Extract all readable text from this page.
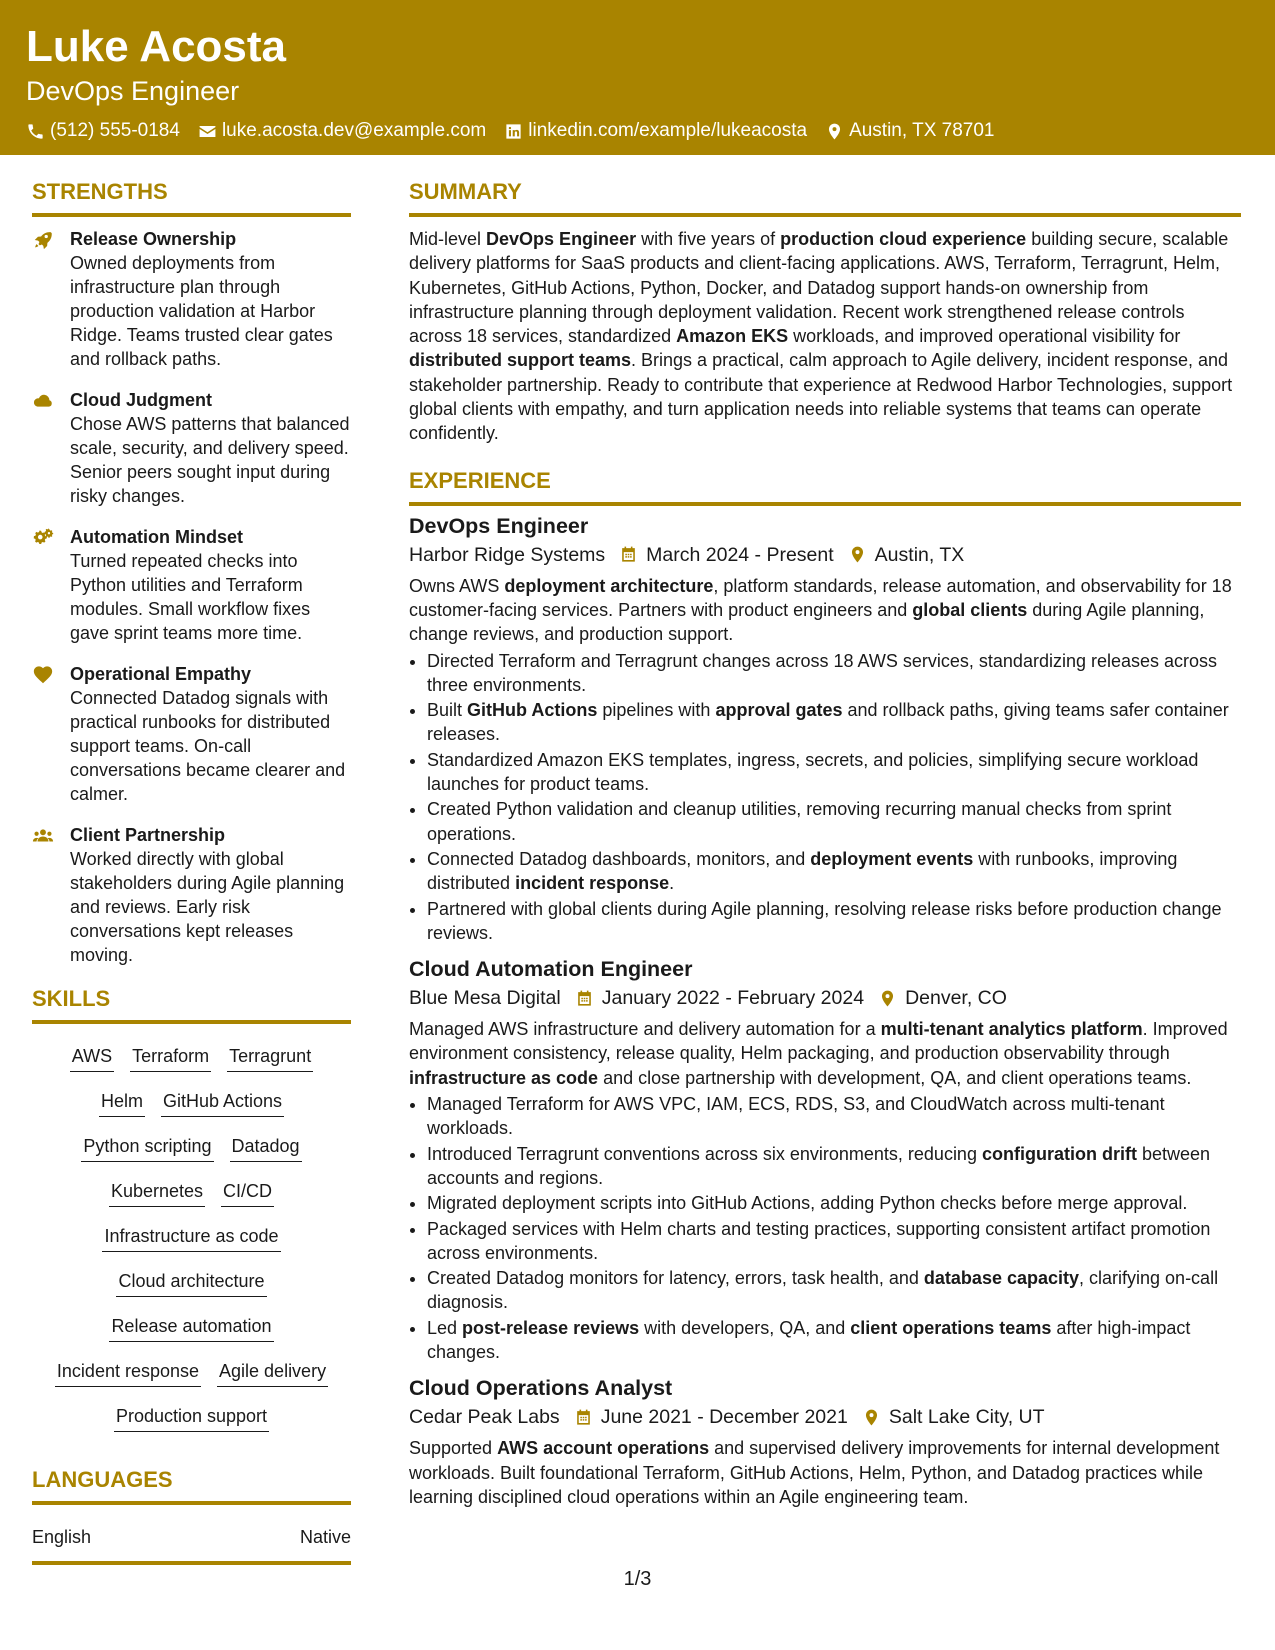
Luke Acosta
DevOps Engineer
(512) 555-0184 luke.acosta.dev@example.com linkedin.com/example/lukeacosta Austin, TX 78701
STRENGTHS
Release Ownership
Owned deployments from infrastructure plan through production validation at Harbor Ridge. Teams trusted clear gates and rollback paths.
Cloud Judgment
Chose AWS patterns that balanced scale, security, and delivery speed. Senior peers sought input during risky changes.
Automation Mindset
Turned repeated checks into Python utilities and Terraform modules. Small workflow fixes gave sprint teams more time.
Operational Empathy
Connected Datadog signals with practical runbooks for distributed support teams. On-call conversations became clearer and calmer.
Client Partnership
Worked directly with global stakeholders during Agile planning and reviews. Early risk conversations kept releases moving.
SKILLS
AWS Terraform Terragrunt
Helm GitHub Actions
Python scripting Datadog
Kubernetes CI/CD
Infrastructure as code
Cloud architecture
Release automation
Incident response Agile delivery
Production support
LANGUAGES
English	Native
SUMMARY
Mid-level DevOps Engineer with five years of production cloud experience building secure, scalable delivery platforms for SaaS products and client-facing applications. AWS, Terraform, Terragrunt, Helm, Kubernetes, GitHub Actions, Python, Docker, and Datadog support hands-on ownership from infrastructure planning through deployment validation. Recent work strengthened release controls across 18 services, standardized Amazon EKS workloads, and improved operational visibility for distributed support teams. Brings a practical, calm approach to Agile delivery, incident response, and stakeholder partnership. Ready to contribute that experience at Redwood Harbor Technologies, support global clients with empathy, and turn application needs into reliable systems that teams can operate confidently.
EXPERIENCE
DevOps Engineer
Harbor Ridge Systems March 2024 - Present Austin, TX
Owns AWS deployment architecture, platform standards, release automation, and observability for 18 customer-facing services. Partners with product engineers and global clients during Agile planning, change reviews, and production support.
• Directed Terraform and Terragrunt changes across 18 AWS services, standardizing releases across three environments.
• Built GitHub Actions pipelines with approval gates and rollback paths, giving teams safer container releases.
• Standardized Amazon EKS templates, ingress, secrets, and policies, simplifying secure workload launches for product teams.
• Created Python validation and cleanup utilities, removing recurring manual checks from sprint operations.
• Connected Datadog dashboards, monitors, and deployment events with runbooks, improving distributed incident response.
• Partnered with global clients during Agile planning, resolving release risks before production change reviews.
Cloud Automation Engineer
Blue Mesa Digital January 2022 - February 2024 Denver, CO
Managed AWS infrastructure and delivery automation for a multi-tenant analytics platform. Improved environment consistency, release quality, Helm packaging, and production observability through infrastructure as code and close partnership with development, QA, and client operations teams.
• Managed Terraform for AWS VPC, IAM, ECS, RDS, S3, and CloudWatch across multi-tenant workloads.
• Introduced Terragrunt conventions across six environments, reducing configuration drift between accounts and regions.
• Migrated deployment scripts into GitHub Actions, adding Python checks before merge approval.
• Packaged services with Helm charts and testing practices, supporting consistent artifact promotion across environments.
• Created Datadog monitors for latency, errors, task health, and database capacity, clarifying on-call diagnosis.
• Led post-release reviews with developers, QA, and client operations teams after high-impact changes.
Cloud Operations Analyst
Cedar Peak Labs June 2021 - December 2021 Salt Lake City, UT
Supported AWS account operations and supervised delivery improvements for internal development workloads. Built foundational Terraform, GitHub Actions, Helm, Python, and Datadog practices while learning disciplined cloud operations within an Agile engineering team.
1/3
